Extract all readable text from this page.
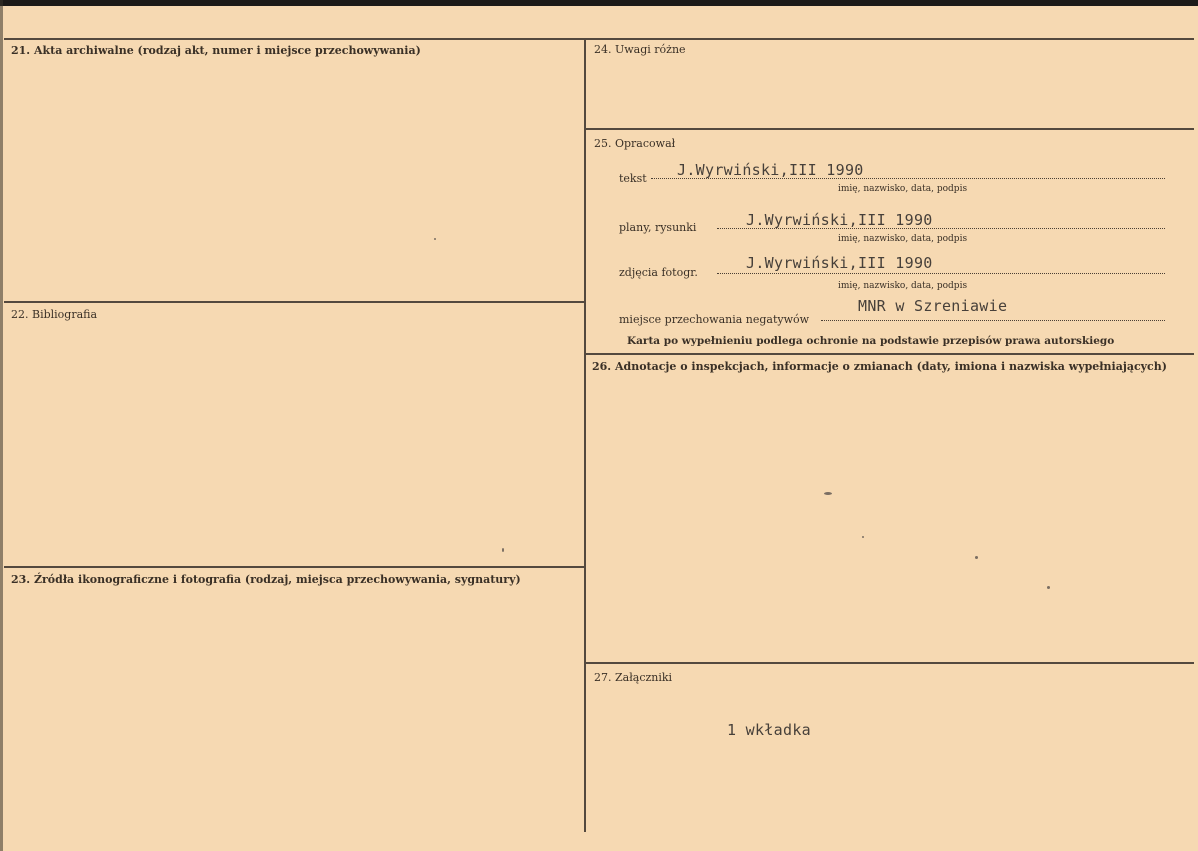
21. Akta archiwalne (rodzaj akt, numer i miejsce przechowywania)
22. Bibliografia
23. Źródła ikonograficzne i fotografia (rodzaj, miejsca przechowywania, sygnatury)
24. Uwagi różne
25. Opracował
26. Adnotacje o inspekcjach, informacje o zmianach (daty, imiona i nazwiska wypełniających)
27. Załączniki
tekst J.Wyrwiński,III 1990
imię, nazwisko, data, podpis
plany, rysunki	J.Wyrwiński,III 1990
imię, nazwisko, data, podpis
zdjęcia fotogr.
J.Wyrwiński,III 1990
imię, nazwisko, data, podpis
miejsce przechowania negatywów
MNR w Szreniawie
Karta po wypełnieniu podlega ochronie na podstawie przepisów prawa autorskiego
1 wkładka
